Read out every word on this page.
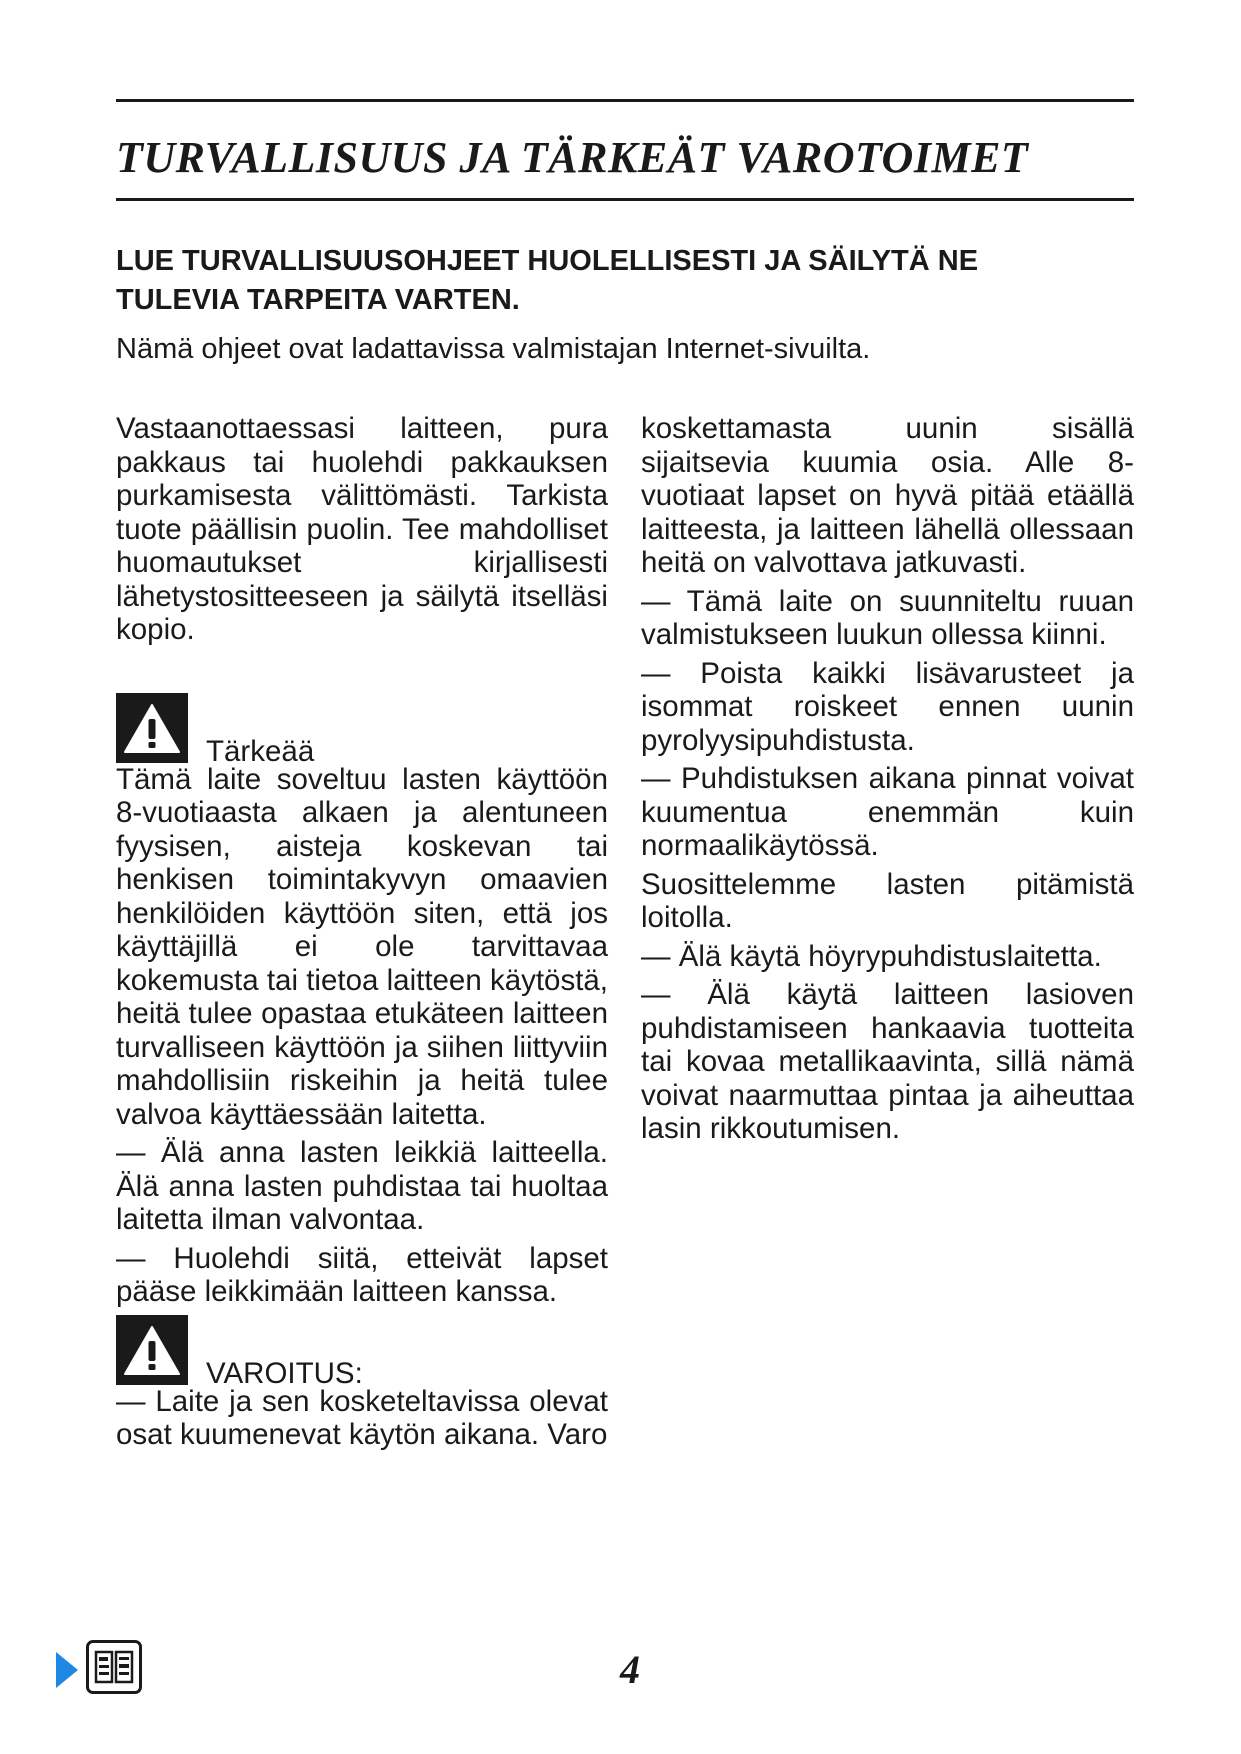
TURVALLISUUS JA TÄRKEÄT VAROTOIMET
LUE TURVALLISUUSOHJEET HUOLELLISESTI JA SÄILYTÄ NE
TULEVIA TARPEITA VARTEN.
Nämä ohjeet ovat ladattavissa valmistajan Internet-sivuilta.

Vastaanottaessasi laitteen, pura pakkaus tai huolehdi pakkauksen purkamisesta välittömästi. Tarkista tuote päällisin puolin. Tee mahdolliset huomautukset kirjallisesti lähetystositteeseen ja säilytä itselläsi kopio.

Tärkeää

Tämä laite soveltuu lasten käyttöön 8-vuotiaasta alkaen ja alentuneen fyysisen, aisteja koskevan tai henkisen toimintakyvyn omaavien henkilöiden käyttöön siten, että jos käyttäjillä ei ole tarvittavaa kokemusta tai tietoa laitteen käytöstä, heitä tulee opastaa etukäteen laitteen turvalliseen käyttöön ja siihen liittyviin mahdollisiin riskeihin ja heitä tulee valvoa käyttäessään laitetta.

— Älä anna lasten leikkiä laitteella. Älä anna lasten puhdistaa tai huoltaa laitetta ilman valvontaa.

— Huolehdi siitä, etteivät lapset pääse leikkimään laitteen kanssa.

VAROITUS:

— Laite ja sen kosketeltavissa olevat osat kuumenevat käytön aikana. Varo

koskettamasta uunin sisällä sijaitsevia kuumia osia. Alle 8-vuotiaat lapset on hyvä pitää etäällä laitteesta, ja laitteen lähellä ollessaan heitä on valvottava jatkuvasti.

— Tämä laite on suunniteltu ruuan valmistukseen luukun ollessa kiinni.

— Poista kaikki lisävarusteet ja isommat roiskeet ennen uunin pyrolyysipuhdistusta.

— Puhdistuksen aikana pinnat voivat kuumentua enemmän kuin normaalikäytössä.

Suosittelemme lasten pitämistä loitolla.

— Älä käytä höyrypuhdistuslaitetta.

— Älä käytä laitteen lasioven puhdistamiseen hankaavia tuotteita tai kovaa metallikaavinta, sillä nämä voivat naarmuttaa pintaa ja aiheuttaa lasin rikkoutumisen.

4
